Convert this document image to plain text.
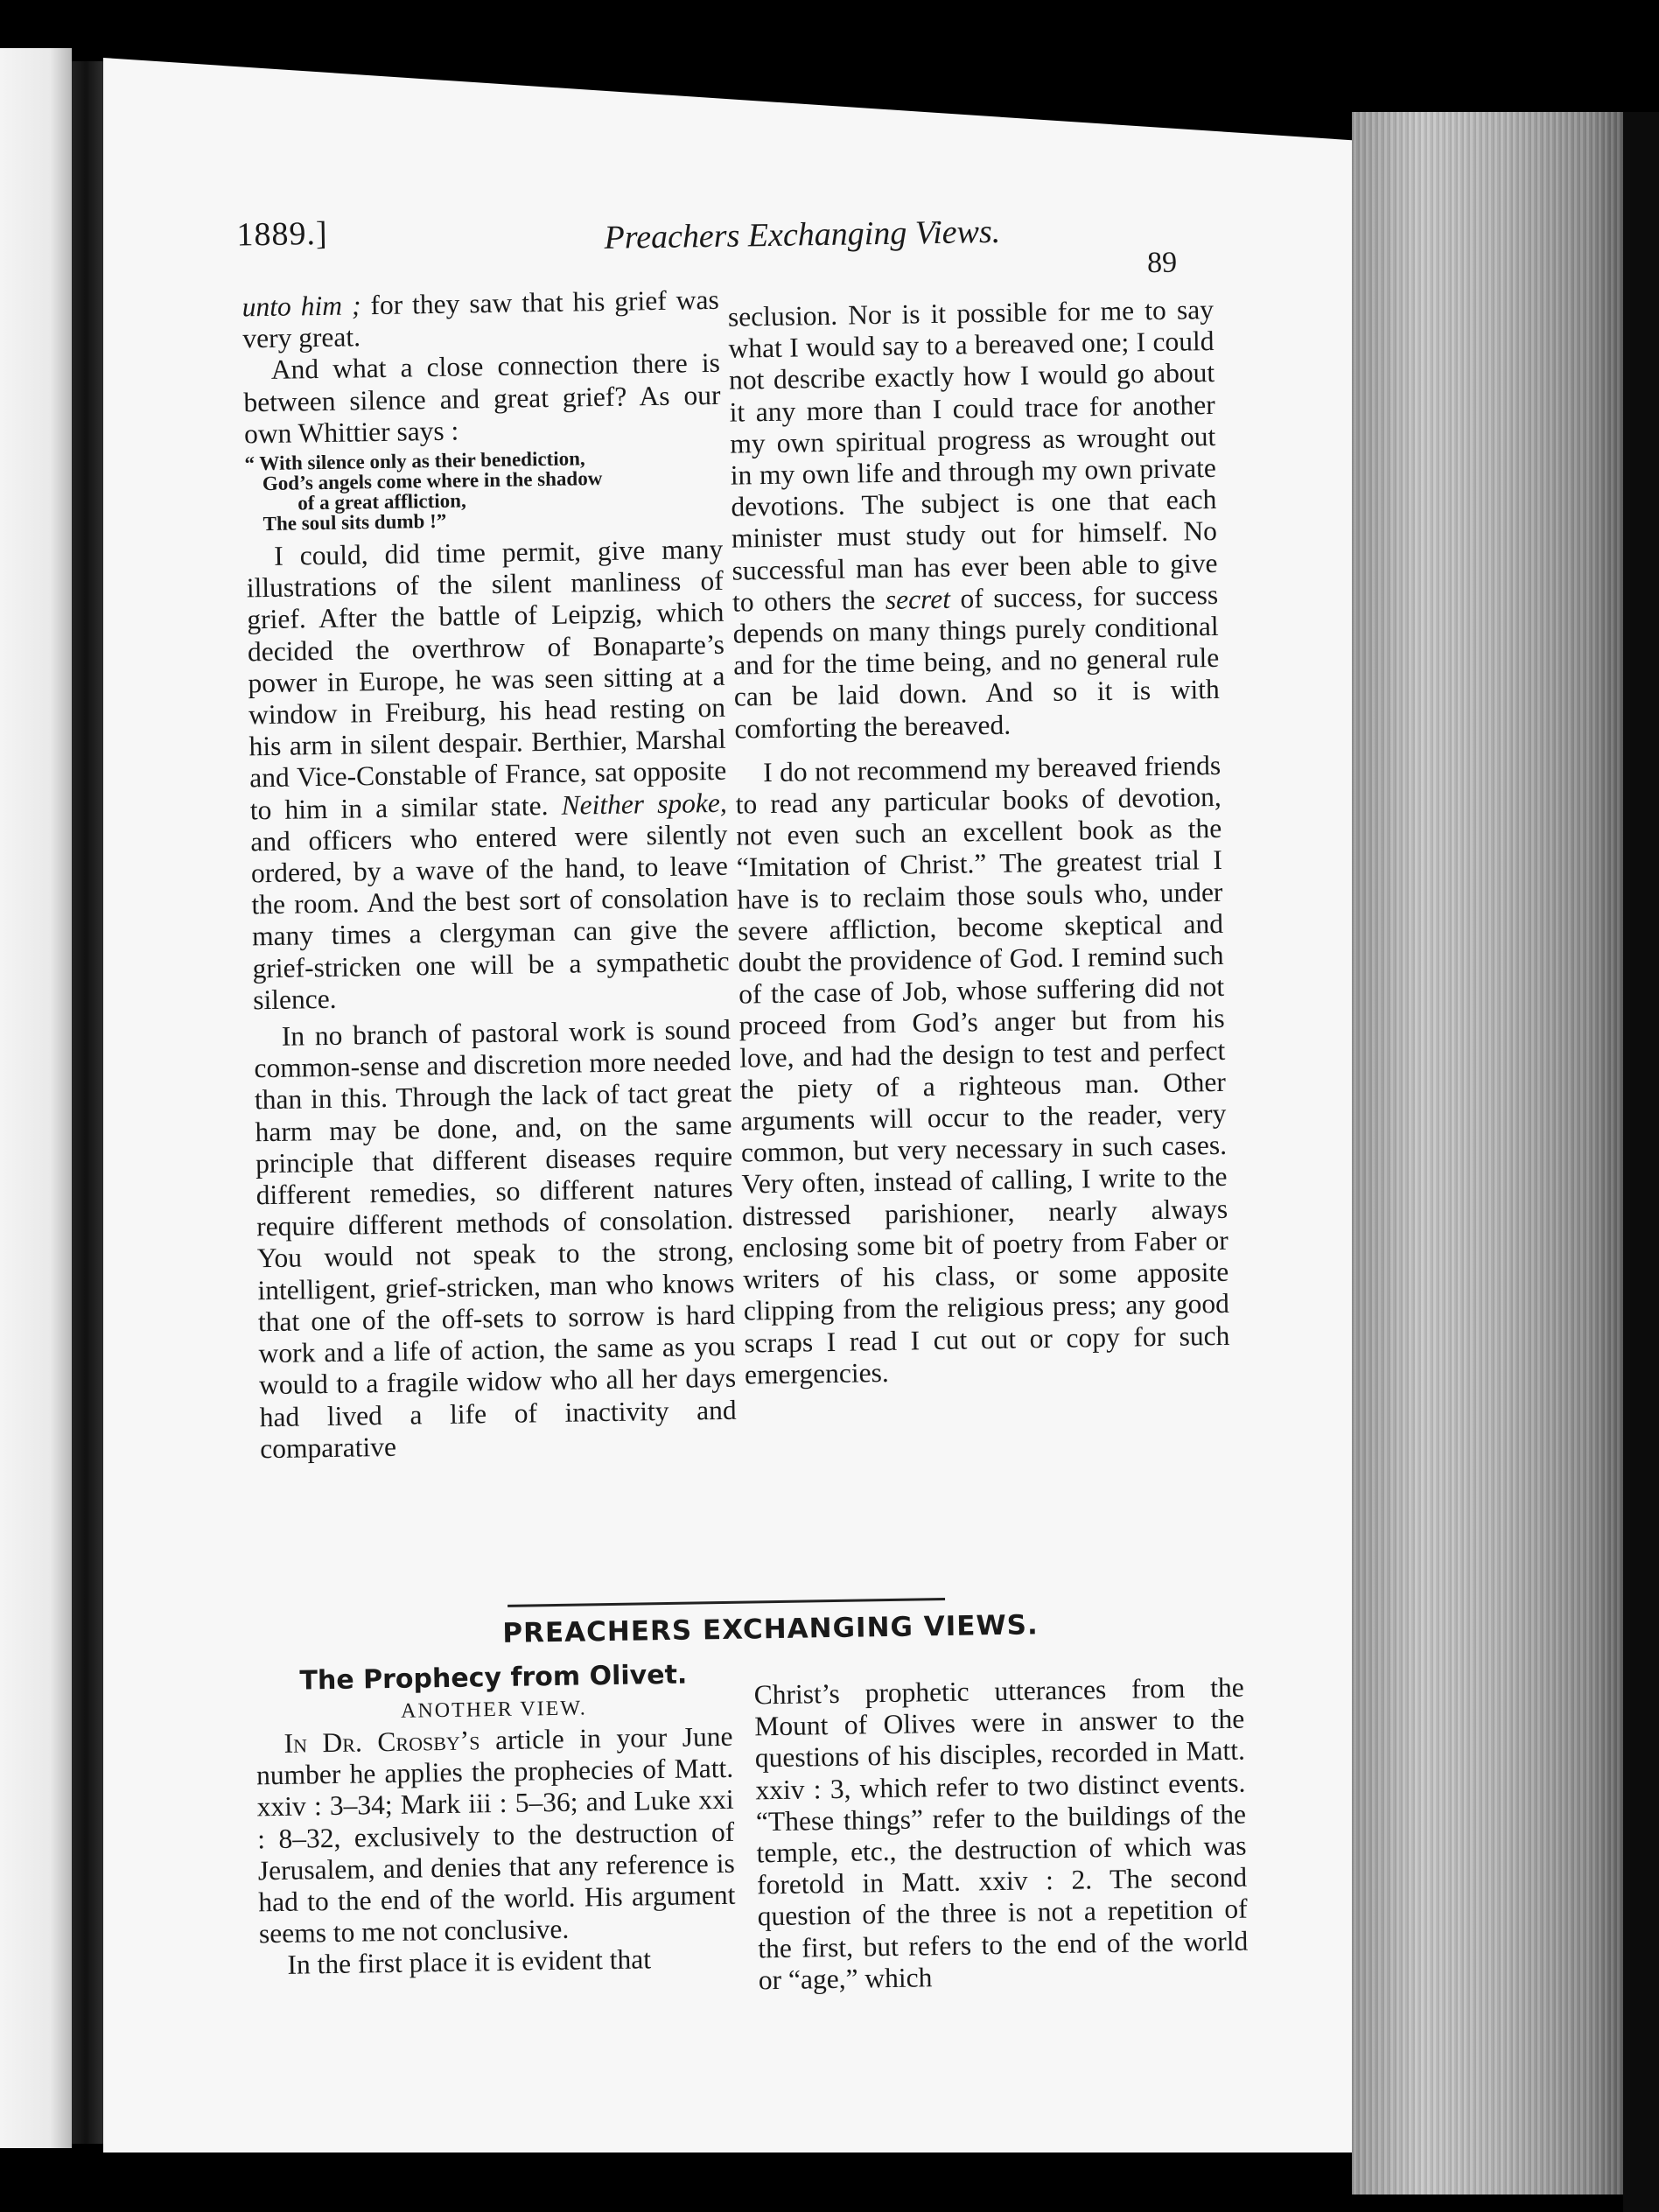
1889.]	Preachers Exchanging Views.
89

unto him ; for they saw that his grief was very great.

And what a close connection there is between silence and great grief? As our own Whittier says :

“ With silence only as their benediction,
God’s angels come where in the shadow
of a great affliction,
The soul sits dumb !”

I could, did time permit, give many illustrations of the silent manliness of grief. After the battle of Leipzig, which decided the overthrow of Bonaparte’s power in Europe, he was seen sitting at a window in Freiburg, his head resting on his arm in silent despair. Berthier, Marshal and Vice-Constable of France, sat opposite to him in a similar state. Neither spoke, and officers who entered were silently ordered, by a wave of the hand, to leave the room. And the best sort of consolation many times a clergyman can give the grief-stricken one will be a sympathetic silence.

In no branch of pastoral work is sound common-sense and discretion more needed than in this. Through the lack of tact great harm may be done, and, on the same principle that different diseases require different remedies, so different natures require different methods of consolation. You would not speak to the strong, intelligent, grief-stricken, man who knows that one of the off-sets to sorrow is hard work and a life of action, the same as you would to a fragile widow who all her days had lived a life of inactivity and comparative

seclusion. Nor is it possible for me to say what I would say to a bereaved one; I could not describe exactly how I would go about it any more than I could trace for another my own spiritual progress as wrought out in my own life and through my own private devotions. The subject is one that each minister must study out for himself. No successful man has ever been able to give to others the secret of success, for success depends on many things purely conditional and for the time being, and no general rule can be laid down. And so it is with comforting the bereaved.

I do not recommend my bereaved friends to read any particular books of devotion, not even such an excellent book as the “Imitation of Christ.” The greatest trial I have is to reclaim those souls who, under severe affliction, become skeptical and doubt the providence of God. I remind such of the case of Job, whose suffering did not proceed from God’s anger but from his love, and had the design to test and perfect the piety of a righteous man. Other arguments will occur to the reader, very common, but very necessary in such cases. Very often, instead of calling, I write to the distressed parishioner, nearly always enclosing some bit of poetry from Faber or writers of his class, or some apposite clipping from the religious press; any good scraps I read I cut out or copy for such emergencies.

PREACHERS EXCHANGING VIEWS.
The Prophecy from Olivet.
ANOTHER VIEW.

In Dr. Crosby’s article in your June number he applies the prophecies of Matt. xxiv : 3–34; Mark iii : 5–36; and Luke xxi : 8–32, exclusively to the destruction of Jerusalem, and denies that any reference is had to the end of the world. His argument seems to me not conclusive.

In the first place it is evident that

Christ’s prophetic utterances from the Mount of Olives were in answer to the questions of his disciples, recorded in Matt. xxiv : 3, which refer to two distinct events. “These things” refer to the buildings of the temple, etc., the destruction of which was foretold in Matt. xxiv : 2. The second question of the three is not a repetition of the first, but refers to the end of the world or “age,” which
